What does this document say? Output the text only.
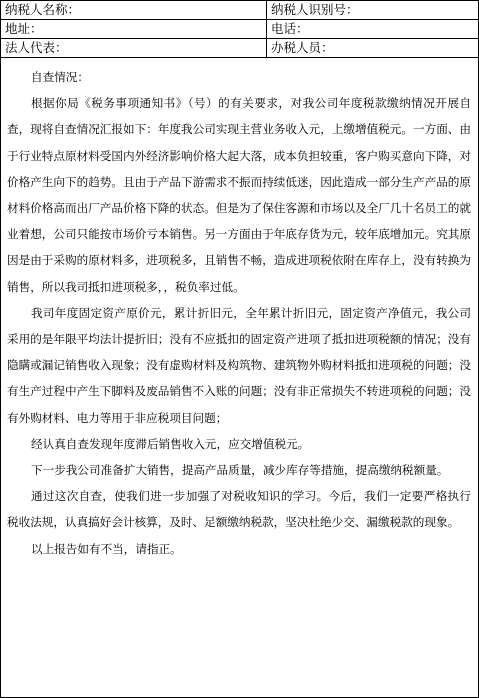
纳税人名称：	纳税人识别号：
地址：	电话：
法人代表：	办税人员：

自查情况：

根据你局《税务事项通知书》（号）的有关要求，对我公司年度税款缴纳情况开展自查，现将自查情况汇报如下：年度我公司实现主营业务收入元，上缴增值税元。一方面、由于行业特点原材料受国内外经济影响价格大起大落，成本负担较重，客户购买意向下降，对价格产生向下的趋势。且由于产品下游需求不振而持续低迷，因此造成一部分生产产品的原材料价格高而出厂产品价格下降的状态。但是为了保住客源和市场以及全厂几十名员工的就业着想，公司只能按市场价亏本销售。另一方面由于年底存货为元，较年底增加元。究其原因是由于采购的原材料多，进项税多，且销售不畅，造成进项税依附在库存上，没有转换为销售，所以我司抵扣进项税多，，税负率过低。

我司年度固定资产原价元，累计折旧元，全年累计折旧元，固定资产净值元，我公司采用的是年限平均法计提折旧；没有不应抵扣的固定资产进项了抵扣进项税额的情况；没有隐瞒或漏记销售收入现象；没有虚购材料及构筑物、建筑物外购材料抵扣进项税的问题；没有生产过程中产生下脚料及废品销售不入账的问题；没有非正常损失不转进项税的问题；没有外购材料、电力等用于非应税项目问题；

经认真自查发现年度滞后销售收入元，应交增值税元。

下一步我公司准备扩大销售，提高产品质量，减少库存等措施，提高缴纳税额量。

通过这次自查，使我们进一步加强了对税收知识的学习。今后，我们一定要严格执行税收法规，认真搞好会计核算，及时、足额缴纳税款，坚决杜绝少交、漏缴税款的现象。

以上报告如有不当，请指正。
